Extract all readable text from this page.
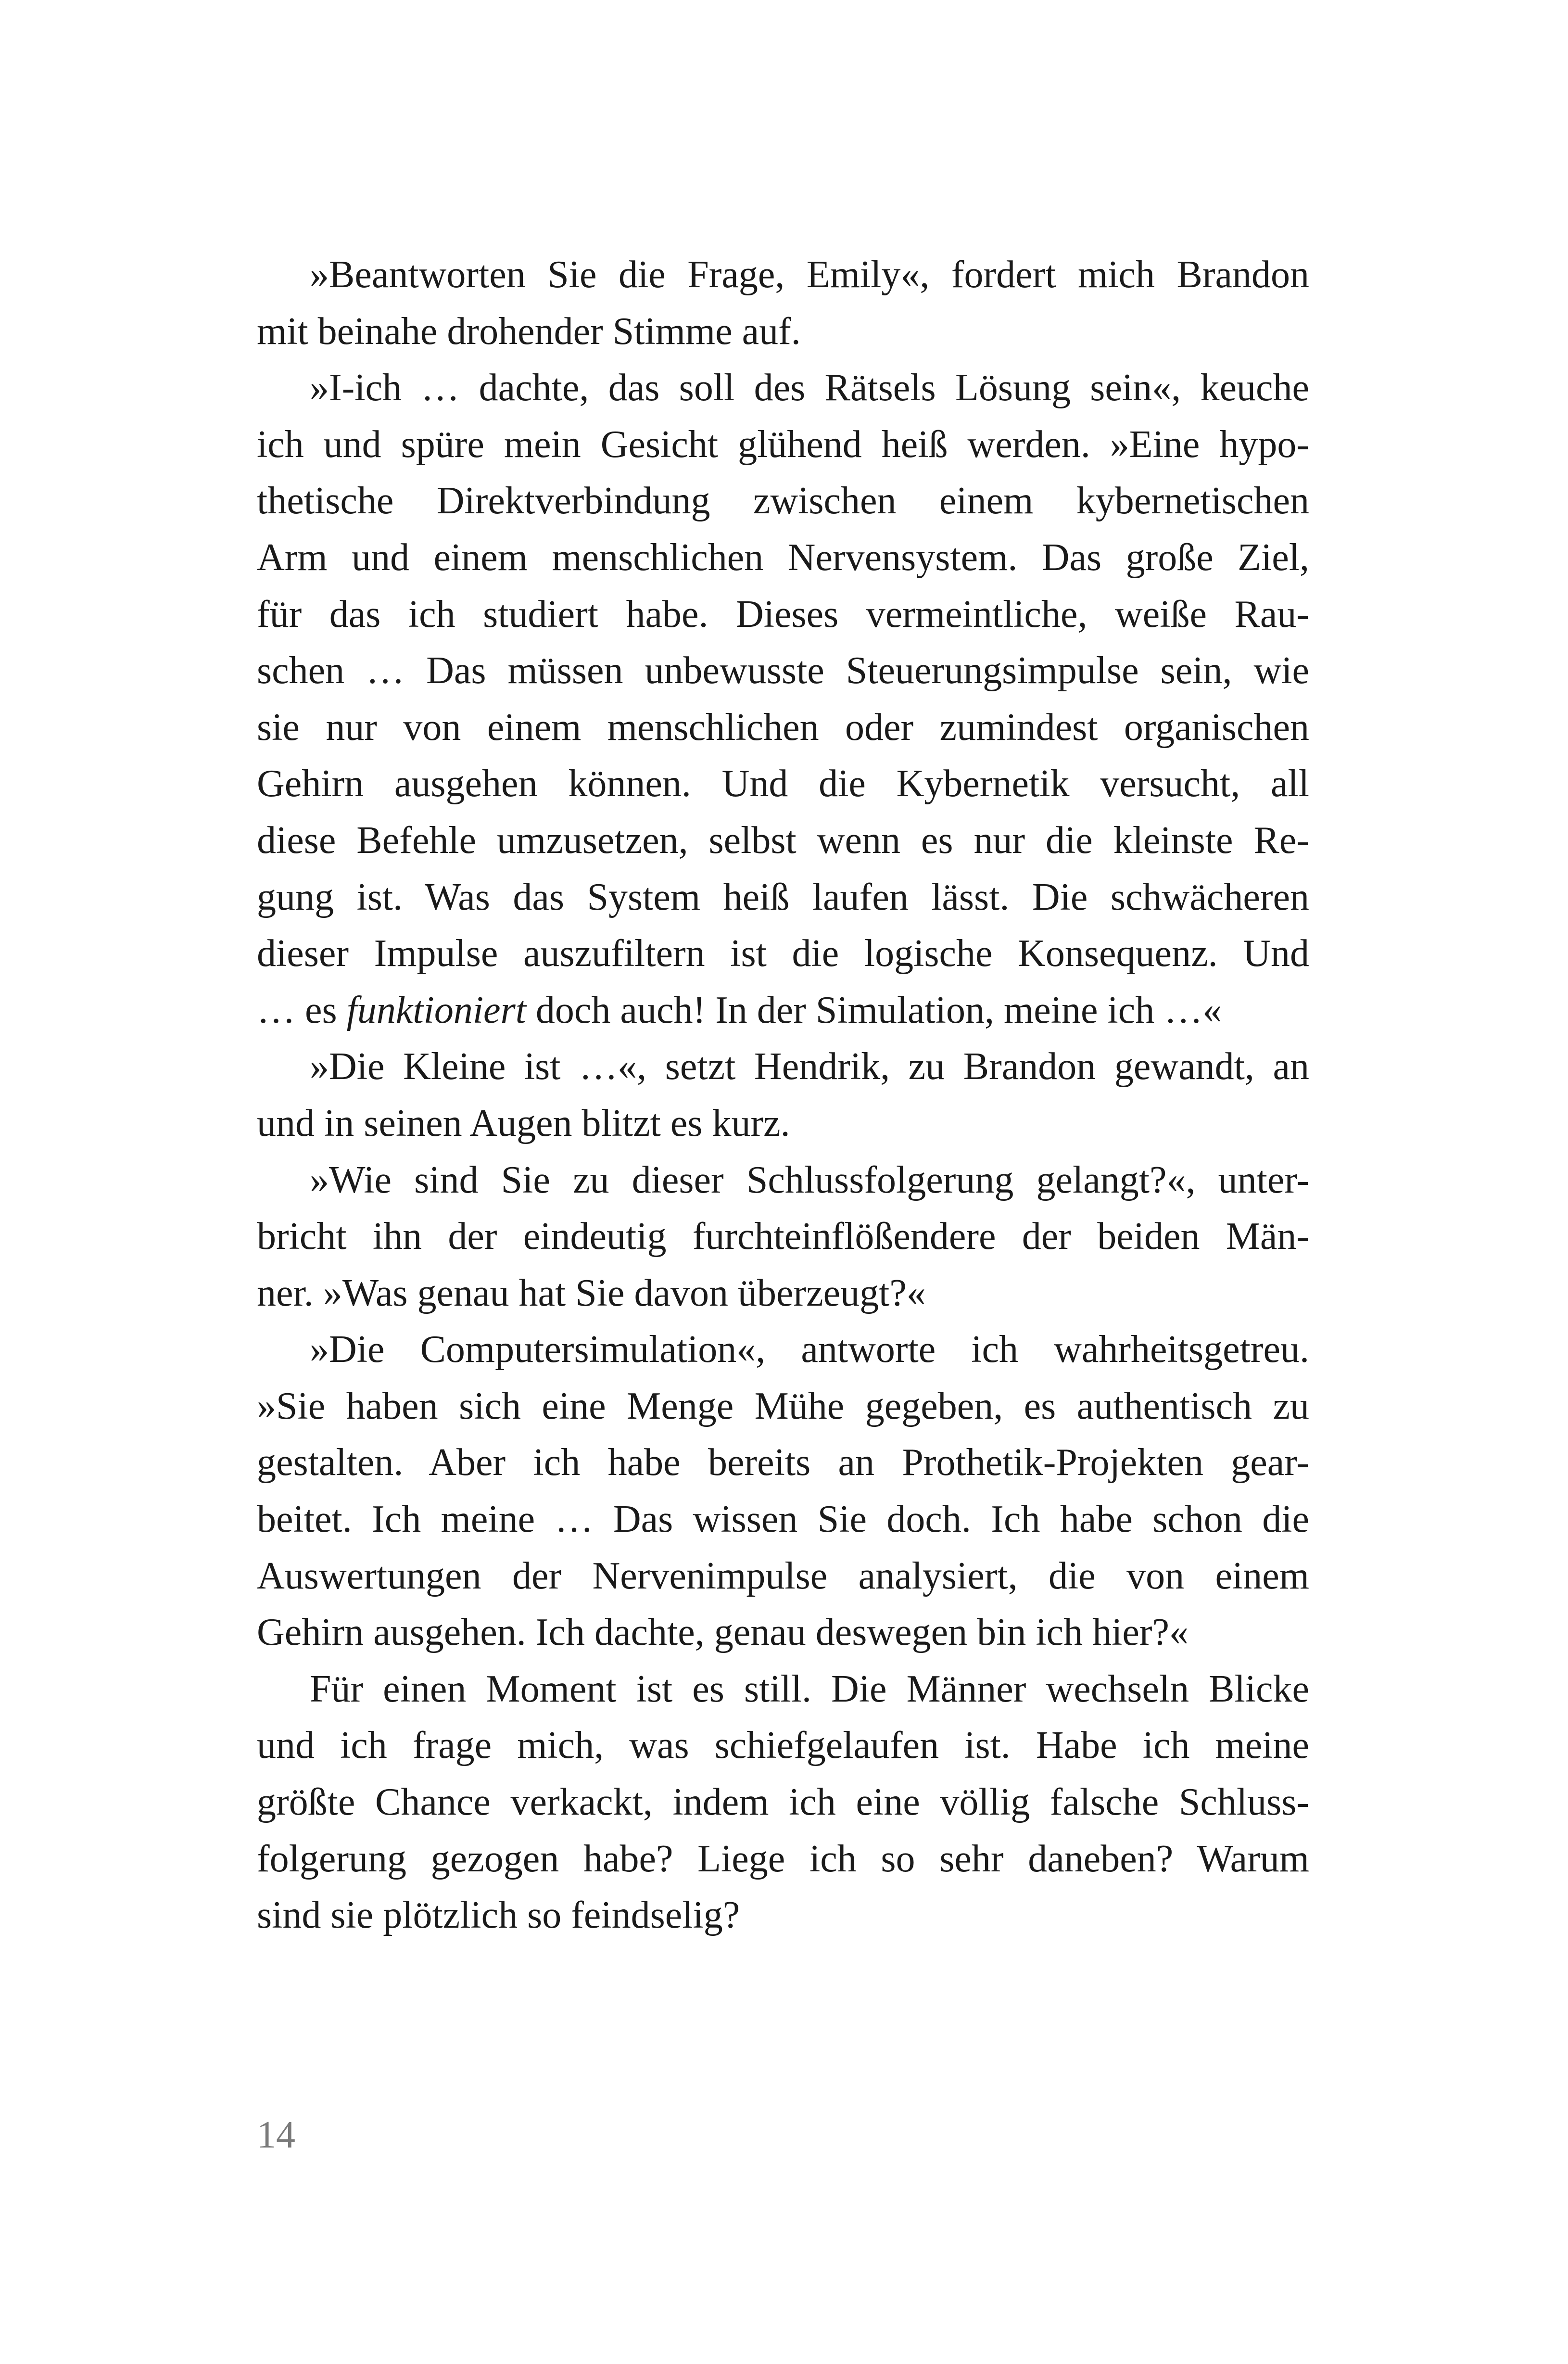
»Beantworten Sie die Frage, Emily«, fordert mich Brandon
mit beinahe drohender Stimme auf.
»I-ich … dachte, das soll des Rätsels Lösung sein«, keuche
ich und spüre mein Gesicht glühend heiß werden. »Eine hypo-
thetische Direktverbindung zwischen einem kybernetischen
Arm und einem menschlichen Nervensystem. Das große Ziel,
für das ich studiert habe. Dieses vermeintliche, weiße Rau-
schen … Das müssen unbewusste Steuerungsimpulse sein, wie
sie nur von einem menschlichen oder zumindest organischen
Gehirn ausgehen können. Und die Kybernetik versucht, all
diese Befehle umzusetzen, selbst wenn es nur die kleinste Re-
gung ist. Was das System heiß laufen lässt. Die schwächeren
dieser Impulse auszufiltern ist die logische Konsequenz. Und
… es funktioniert doch auch! In der Simulation, meine ich …«
»Die Kleine ist …«, setzt Hendrik, zu Brandon gewandt, an
und in seinen Augen blitzt es kurz.
»Wie sind Sie zu dieser Schlussfolgerung gelangt?«, unter-
bricht ihn der eindeutig furchteinflößendere der beiden Män-
ner. »Was genau hat Sie davon überzeugt?«
»Die Computersimulation«, antworte ich wahrheitsgetreu.
»Sie haben sich eine Menge Mühe gegeben, es authentisch zu
gestalten. Aber ich habe bereits an Prothetik-Projekten gear-
beitet. Ich meine … Das wissen Sie doch. Ich habe schon die
Auswertungen der Nervenimpulse analysiert, die von einem
Gehirn ausgehen. Ich dachte, genau deswegen bin ich hier?«
Für einen Moment ist es still. Die Männer wechseln Blicke
und ich frage mich, was schiefgelaufen ist. Habe ich meine
größte Chance verkackt, indem ich eine völlig falsche Schluss-
folgerung gezogen habe? Liege ich so sehr daneben? Warum
sind sie plötzlich so feindselig?
14
